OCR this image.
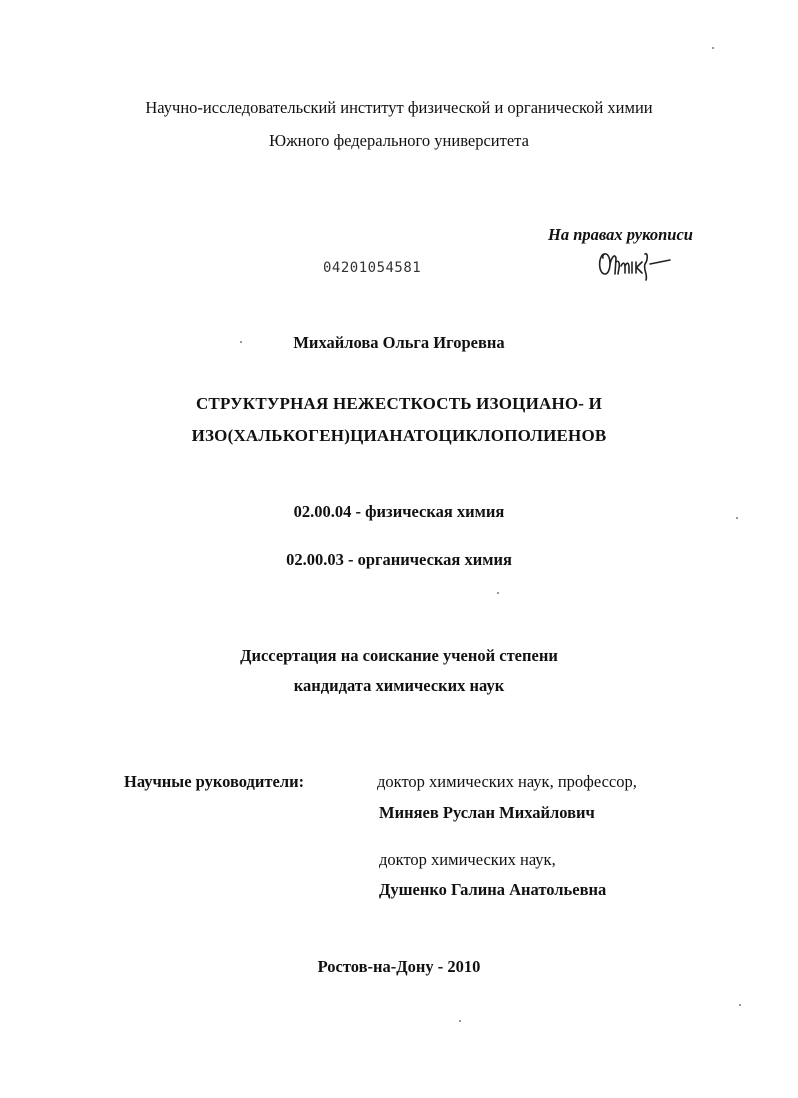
Научно-исследовательский институт физической и органической химии
Южного федерального университета
На правах рукописи
04201054581
Михайлова Ольга Игоревна
СТРУКТУРНАЯ НЕЖЕСТКОСТЬ ИЗОЦИАНО- И
ИЗО(ХАЛЬКОГЕН)ЦИАНАТОЦИКЛОПОЛИЕНОВ
02.00.04 - физическая химия
02.00.03 - органическая химия
Диссертация на соискание ученой степени
кандидата химических наук
Научные руководители:	доктор химических наук, профессор,
Миняев Руслан Михайлович
доктор химических наук,
Душенко Галина Анатольевна
Ростов-на-Дону - 2010
